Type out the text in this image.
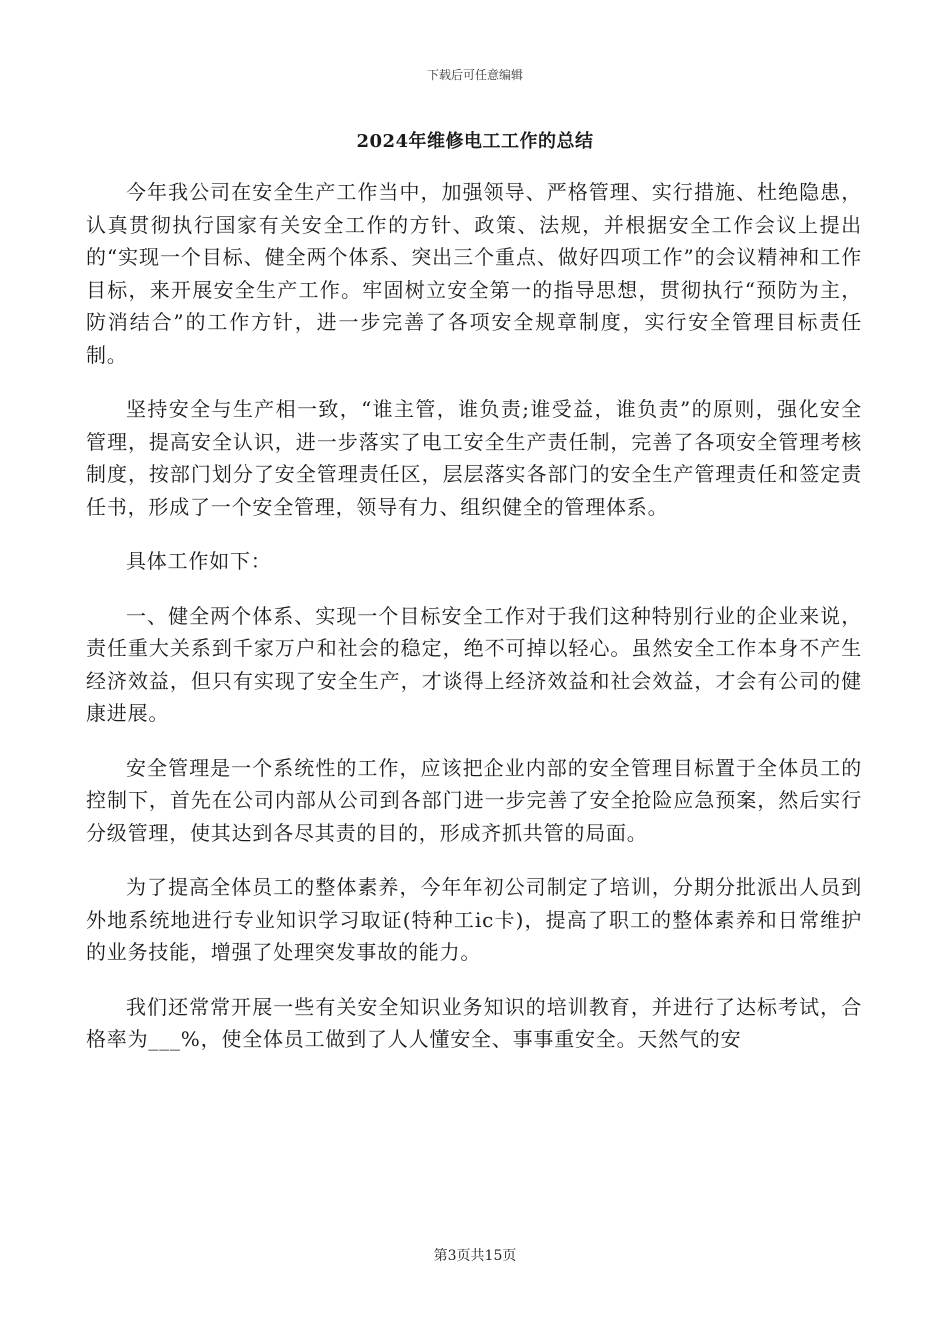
下载后可任意编辑
2024年维修电工工作的总结

今年我公司在安全生产工作当中，加强领导、严格管理、实行措施、杜绝隐患，认真贯彻执行国家有关安全工作的方针、政策、法规，并根据安全工作会议上提出的“实现一个目标、健全两个体系、突出三个重点、做好四项工作”的会议精神和工作目标，来开展安全生产工作。牢固树立安全第一的指导思想，贯彻执行“预防为主，防消结合”的工作方针，进一步完善了各项安全规章制度，实行安全管理目标责任制。

坚持安全与生产相一致，“谁主管，谁负责;谁受益，谁负责”的原则，强化安全管理，提高安全认识，进一步落实了电工安全生产责任制，完善了各项安全管理考核制度，按部门划分了安全管理责任区，层层落实各部门的安全生产管理责任和签定责任书，形成了一个安全管理，领导有力、组织健全的管理体系。

具体工作如下：

一、健全两个体系、实现一个目标安全工作对于我们这种特别行业的企业来说，责任重大关系到千家万户和社会的稳定，绝不可掉以轻心。虽然安全工作本身不产生经济效益，但只有实现了安全生产，才谈得上经济效益和社会效益，才会有公司的健康进展。

安全管理是一个系统性的工作，应该把企业内部的安全管理目标置于全体员工的控制下，首先在公司内部从公司到各部门进一步完善了安全抢险应急预案，然后实行分级管理，使其达到各尽其责的目的，形成齐抓共管的局面。

为了提高全体员工的整体素养，今年年初公司制定了培训，分期分批派出人员到外地系统地进行专业知识学习取证(特种工ic卡)，提高了职工的整体素养和日常维护的业务技能，增强了处理突发事故的能力。

我们还常常开展一些有关安全知识业务知识的培训教育，并进行了达标考试，合格率为___%，使全体员工做到了人人懂安全、事事重安全。天然气的安

第3页共15页
